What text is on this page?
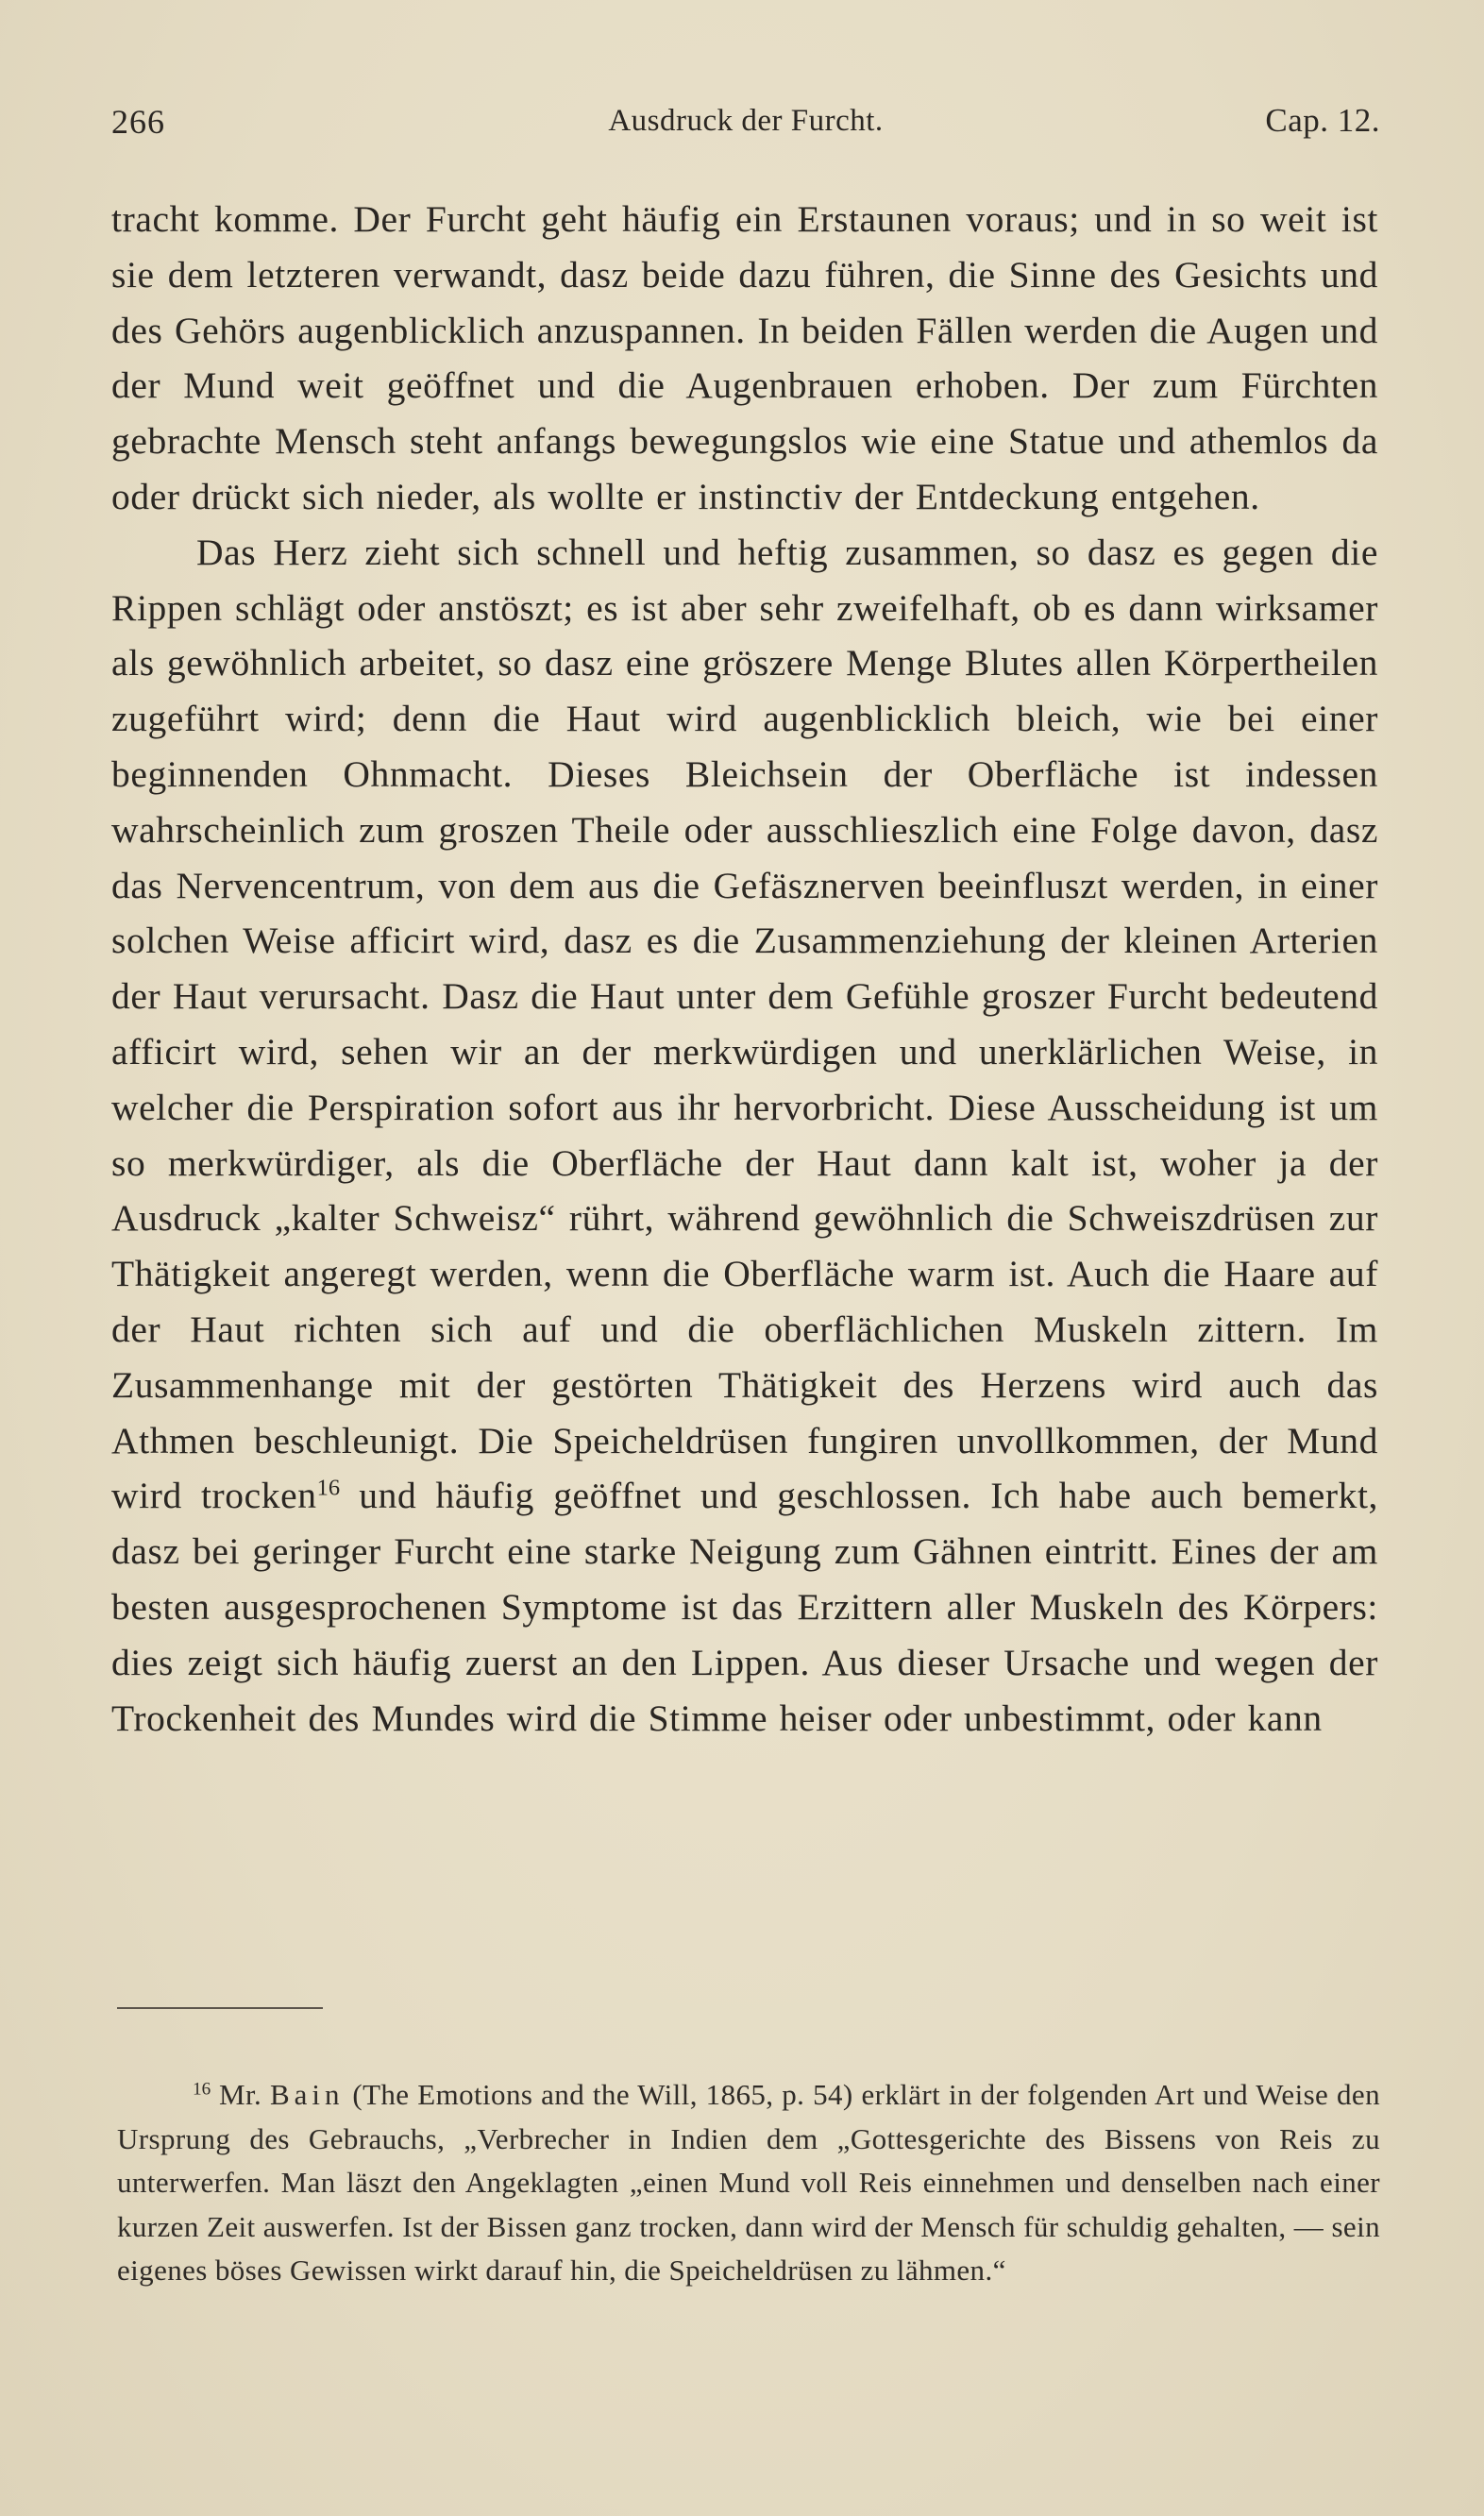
266	Ausdruck der Furcht.	Cap. 12.

tracht komme. Der Furcht geht häufig ein Erstaunen voraus; und in so weit ist sie dem letzteren verwandt, dasz beide dazu führen, die Sinne des Gesichts und des Gehörs augenblicklich anzuspannen. In beiden Fällen werden die Augen und der Mund weit geöffnet und die Augenbrauen erhoben. Der zum Fürchten gebrachte Mensch steht anfangs bewegungslos wie eine Statue und athemlos da oder drückt sich nieder, als wollte er instinctiv der Entdeckung entgehen.

Das Herz zieht sich schnell und heftig zusammen, so dasz es gegen die Rippen schlägt oder anstöszt; es ist aber sehr zweifelhaft, ob es dann wirksamer als gewöhnlich arbeitet, so dasz eine gröszere Menge Blutes allen Körpertheilen zugeführt wird; denn die Haut wird augenblicklich bleich, wie bei einer beginnenden Ohnmacht. Dieses Bleichsein der Oberfläche ist indessen wahrscheinlich zum groszen Theile oder ausschlieszlich eine Folge davon, dasz das Nervencentrum, von dem aus die Gefäsznerven beeinfluszt werden, in einer solchen Weise afficirt wird, dasz es die Zusammenziehung der kleinen Arterien der Haut verursacht. Dasz die Haut unter dem Gefühle groszer Furcht bedeutend afficirt wird, sehen wir an der merkwürdigen und unerklärlichen Weise, in welcher die Perspiration sofort aus ihr hervorbricht. Diese Ausscheidung ist um so merkwürdiger, als die Oberfläche der Haut dann kalt ist, woher ja der Ausdruck „kalter Schweisz“ rührt, während gewöhnlich die Schweiszdrüsen zur Thätigkeit angeregt werden, wenn die Oberfläche warm ist. Auch die Haare auf der Haut richten sich auf und die oberflächlichen Muskeln zittern. Im Zusammenhange mit der gestörten Thätigkeit des Herzens wird auch das Athmen beschleunigt. Die Speicheldrüsen fungiren unvollkommen, der Mund wird trocken$^{16}$ und häufig geöffnet und geschlossen. Ich habe auch bemerkt, dasz bei geringer Furcht eine starke Neigung zum Gähnen eintritt. Eines der am besten ausgesprochenen Symptome ist das Erzittern aller Muskeln des Körpers: dies zeigt sich häufig zuerst an den Lippen. Aus dieser Ursache und wegen der Trockenheit des Mundes wird die Stimme heiser oder unbestimmt, oder kann

$^{16}$ Mr. Bain (The Emotions and the Will, 1865, p. 54) erklärt in der folgenden Art und Weise den Ursprung des Gebrauchs, „Verbrecher in Indien dem „Gottesgerichte des Bissens von Reis zu unterwerfen. Man läszt den Angeklagten „einen Mund voll Reis einnehmen und denselben nach einer kurzen Zeit auswerfen. Ist der Bissen ganz trocken, dann wird der Mensch für schuldig gehalten, — sein eigenes böses Gewissen wirkt darauf hin, die Speicheldrüsen zu lähmen.“
